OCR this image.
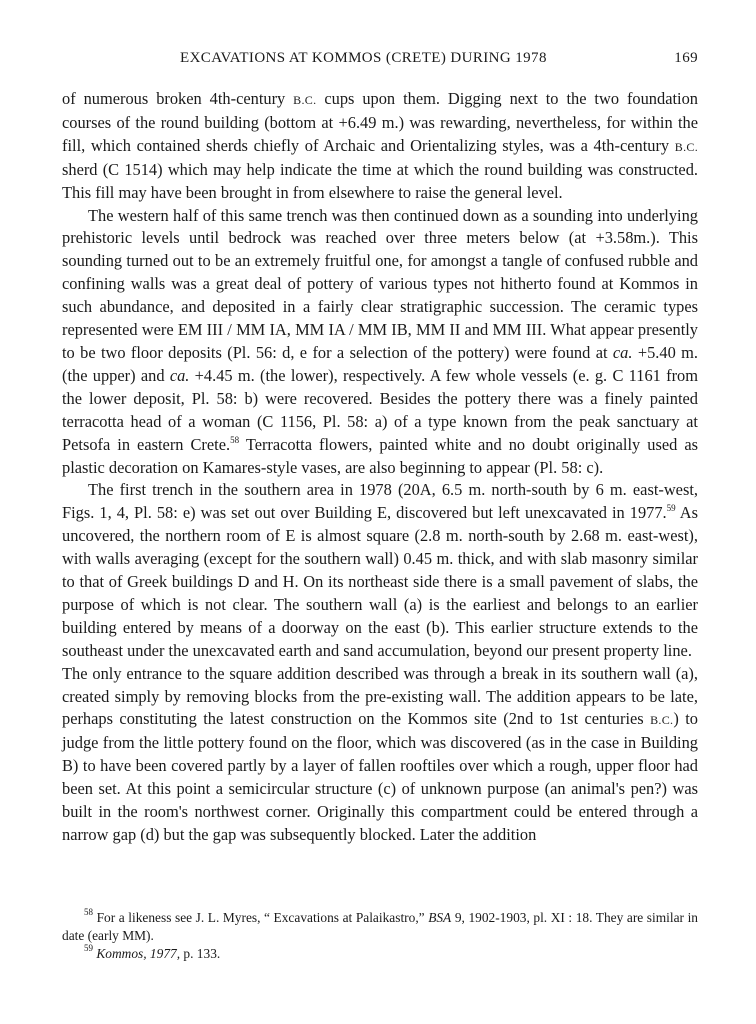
EXCAVATIONS AT KOMMOS (CRETE) DURING 1978	169

of numerous broken 4th-century B.C. cups upon them. Digging next to the two foundation courses of the round building (bottom at +6.49 m.) was rewarding, nevertheless, for within the fill, which contained sherds chiefly of Archaic and Orientalizing styles, was a 4th-century B.C. sherd (C 1514) which may help indicate the time at which the round building was constructed. This fill may have been brought in from elsewhere to raise the general level.

The western half of this same trench was then continued down as a sounding into underlying prehistoric levels until bedrock was reached over three meters below (at +3.58m.). This sounding turned out to be an extremely fruitful one, for amongst a tangle of confused rubble and confining walls was a great deal of pottery of various types not hitherto found at Kommos in such abundance, and deposited in a fairly clear stratigraphic succession. The ceramic types represented were EM III / MM IA, MM IA / MM IB, MM II and MM III. What appear presently to be two floor deposits (Pl. 56: d, e for a selection of the pottery) were found at ca. +5.40 m. (the upper) and ca. +4.45 m. (the lower), respectively. A few whole vessels (e. g. C 1161 from the lower deposit, Pl. 58: b) were recovered. Besides the pottery there was a finely painted terracotta head of a woman (C 1156, Pl. 58: a) of a type known from the peak sanctuary at Petsofa in eastern Crete.$^{58}$ Terracotta flowers, painted white and no doubt originally used as plastic decoration on Kamares-style vases, are also beginning to appear (Pl. 58: c).

The first trench in the southern area in 1978 (20A, 6.5 m. north-south by 6 m. east-west, Figs. 1, 4, Pl. 58: e) was set out over Building E, discovered but left unexcavated in 1977.59 As uncovered, the northern room of E is almost square (2.8 m. north-south by 2.68 m. east-west), with walls averaging (except for the southern wall) 0.45 m. thick, and with slab masonry similar to that of Greek buildings D and H. On its northeast side there is a small pavement of slabs, the purpose of which is not clear. The southern wall (a) is the earliest and belongs to an earlier building entered by means of a doorway on the east (b). This earlier structure extends to the southeast under the unexcavated earth and sand accumulation, beyond our present property line.

The only entrance to the square addition described was through a break in its southern wall (a), created simply by removing blocks from the pre-existing wall. The addition appears to be late, perhaps constituting the latest construction on the Kommos site (2nd to 1st centuries B.C.) to judge from the little pottery found on the floor, which was discovered (as in the case in Building B) to have been covered partly by a layer of fallen rooftiles over which a rough, upper floor had been set. At this point a semicircular structure (c) of unknown purpose (an animal's pen?) was built in the room's northwest corner. Originally this compartment could be entered through a narrow gap (d) but the gap was subsequently blocked. Later the addition

$^{58}$ For a likeness see J. L. Myres, “ Excavations at Palaikastro,” BSA 9, 1902-1903, pl. XI : 18. They are similar in date (early MM).

$^{59}$ Kommos, 1977, p. 133.
